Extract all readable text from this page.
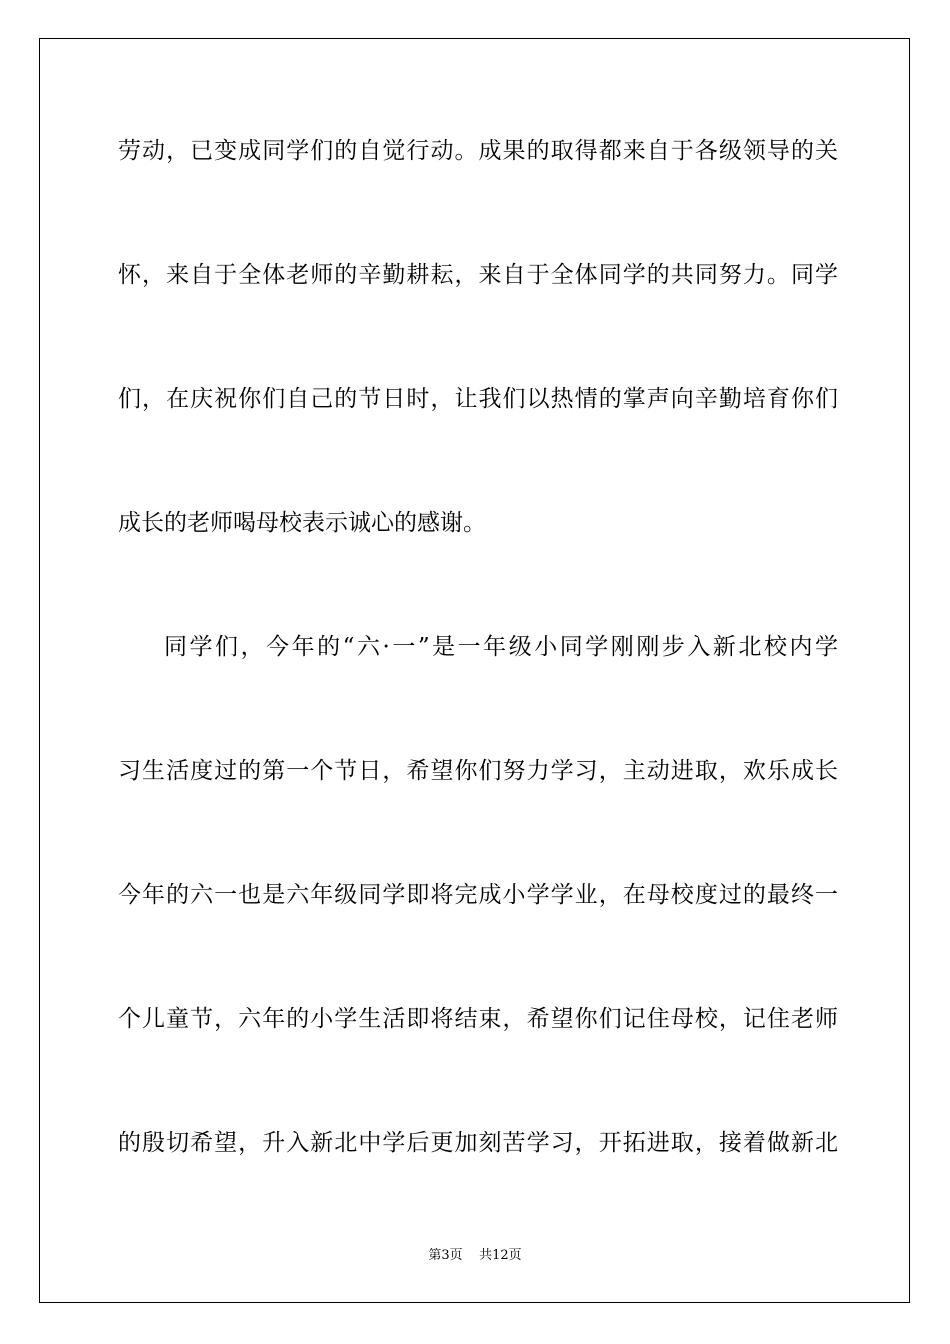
劳动，已变成同学们的自觉行动。成果的取得都来自于各级领导的关
怀，来自于全体老师的辛勤耕耘，来自于全体同学的共同努力。同学
们，在庆祝你们自己的节日时，让我们以热情的掌声向辛勤培育你们
成长的老师喝母校表示诚心的感谢。
同学们，今年的“六·一”是一年级小同学刚刚步入新北校内学
习生活度过的第一个节日，希望你们努力学习，主动进取，欢乐成长
今年的六一也是六年级同学即将完成小学学业，在母校度过的最终一
个儿童节，六年的小学生活即将结束，希望你们记住母校，记住老师
的殷切希望，升入新北中学后更加刻苦学习，开拓进取，接着做新北
第3页 共12页
